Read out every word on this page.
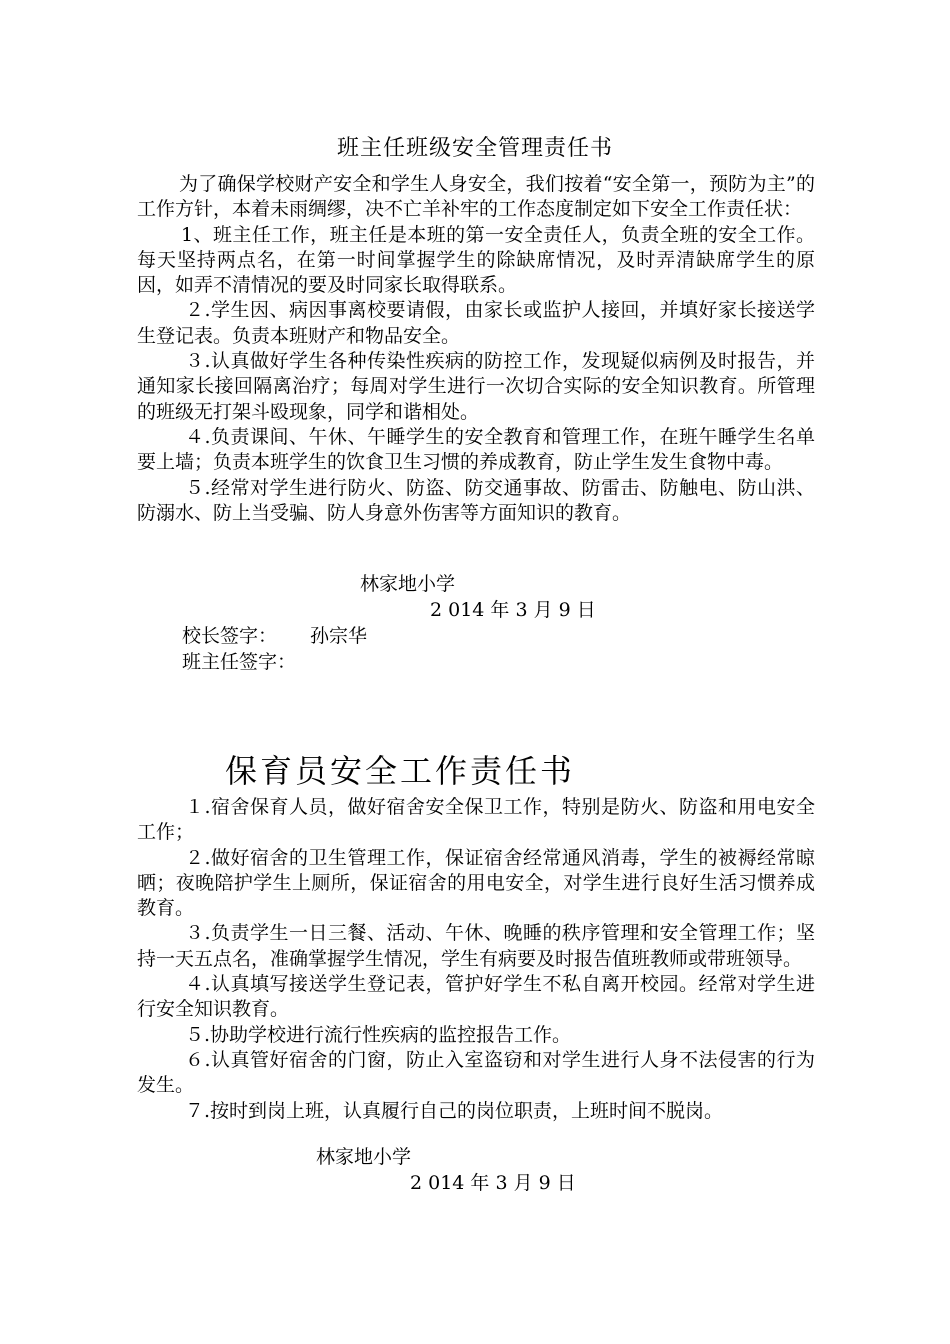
班主任班级安全管理责任书

为了确保学校财产安全和学生人身安全，我们按着“安全第一，预防为主”的工作方针，本着未雨绸缪，决不亡羊补牢的工作态度制定如下安全工作责任状：

1、班主任工作，班主任是本班的第一安全责任人，负责全班的安全工作。每天坚持两点名，在第一时间掌握学生的除缺席情况，及时弄清缺席学生的原因，如弄不清情况的要及时同家长取得联系。

２.学生因、病因事离校要请假，由家长或监护人接回，并填好家长接送学生登记表。负责本班财产和物品安全。

３.认真做好学生各种传染性疾病的防控工作，发现疑似病例及时报告，并通知家长接回隔离治疗；每周对学生进行一次切合实际的安全知识教育。所管理的班级无打架斗殴现象，同学和谐相处。

４.负责课间、午休、午睡学生的安全教育和管理工作，在班午睡学生名单要上墙；负责本班学生的饮食卫生习惯的养成教育，防止学生发生食物中毒。

５.经常对学生进行防火、防盗、防交通事故、防雷击、防触电、防山洪、防溺水、防上当受骗、防人身意外伤害等方面知识的教育。

林家地小学
2 014 年 3 月 9 日
校长签字： 孙宗华
班主任签字：
保育员安全工作责任书

１.宿舍保育人员，做好宿舍安全保卫工作，特别是防火、防盗和用电安全工作；

２.做好宿舍的卫生管理工作，保证宿舍经常通风消毒，学生的被褥经常晾晒；夜晚陪护学生上厕所，保证宿舍的用电安全，对学生进行良好生活习惯养成教育。

３.负责学生一日三餐、活动、午休、晚睡的秩序管理和安全管理工作；坚持一天五点名，准确掌握学生情况，学生有病要及时报告值班教师或带班领导。

４.认真填写接送学生登记表，管护好学生不私自离开校园。经常对学生进行安全知识教育。

５.协助学校进行流行性疾病的监控报告工作。

６.认真管好宿舍的门窗，防止入室盗窃和对学生进行人身不法侵害的行为发生。

７.按时到岗上班，认真履行自己的岗位职责，上班时间不脱岗。

林家地小学
2 014 年 3 月 9 日
